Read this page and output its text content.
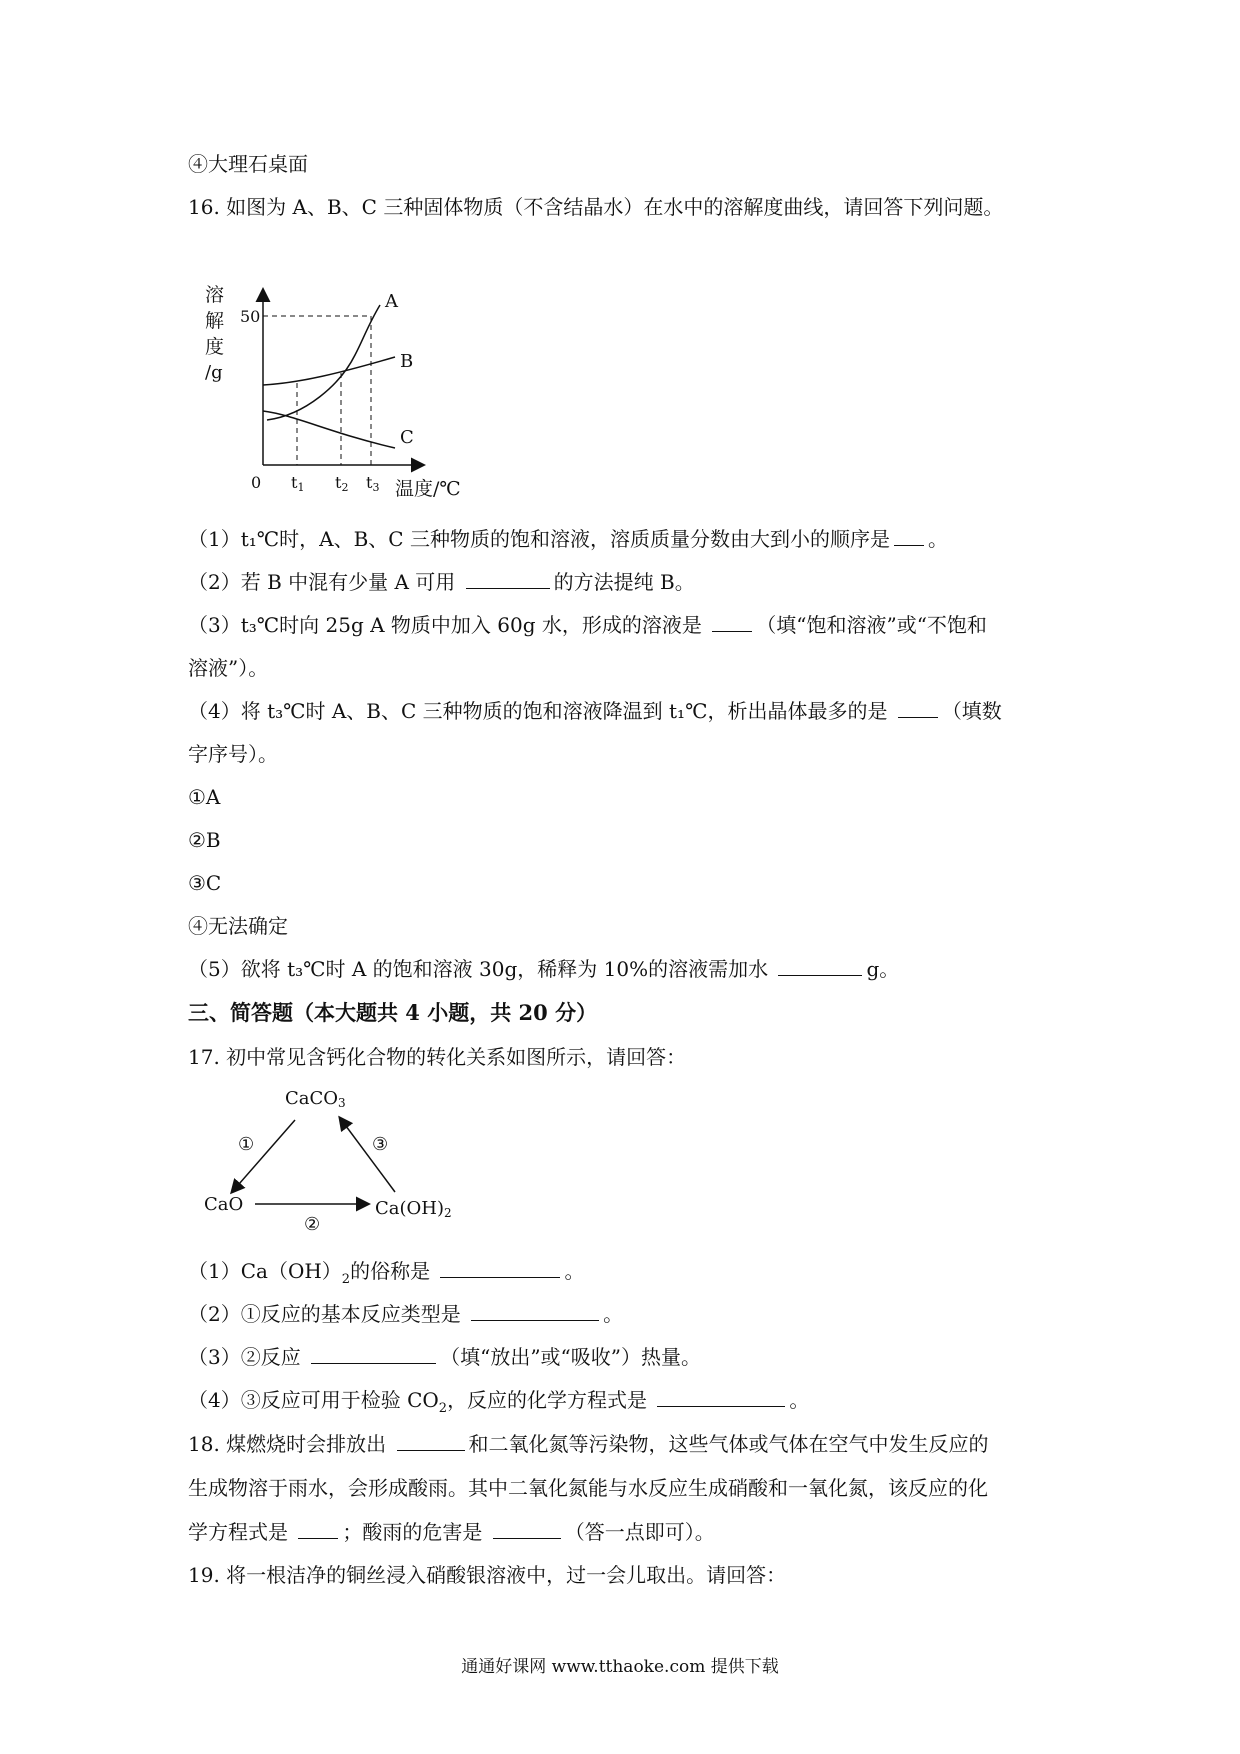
④大理石桌面
16. 如图为 A、B、C 三种固体物质（不含结晶水）在水中的溶解度曲线，请回答下列问题。
溶
解
度
/g
50
0
A
B
C
t1 t2 t3 温度/℃
（1）t₁℃时，A、B、C 三种物质的饱和溶液，溶质质量分数由大到小的顺序是 。
（2）若 B 中混有少量 A 可用	的方法提纯 B。
（3）t₃℃时向 25g A 物质中加入 60g 水，形成的溶液是 （填“饱和溶液”或“不饱和
溶液”）。
（4）将 t₃℃时 A、B、C 三种物质的饱和溶液降温到 t₁℃，析出晶体最多的是 （填数
字序号）。
①A
②B
③C
④无法确定
（5）欲将 t₃℃时 A 的饱和溶液 30g，稀释为 10%的溶液需加水	g。
三、简答题（本大题共 4 小题，共 20 分）
17. 初中常见含钙化合物的转化关系如图所示，请回答：
CaCO3
CaO	Ca(OH)2
①
②
③
$(1)Ca(OH)_2$的俗称是	。
（2）①反应的基本反应类型是	。
（3）②反应	（填“放出”或“吸收”）热量。
（4）③反应可用于检验 $CO_2$，反应的化学方程式是	。
18. 煤燃烧时会排放出	和二氧化氮等污染物，这些气体或气体在空气中发生反应的
生成物溶于雨水，会形成酸雨。其中二氧化氮能与水反应生成硝酸和一氧化氮，该反应的化
学方程式是 ；酸雨的危害是	（答一点即可）。
19. 将一根洁净的铜丝浸入硝酸银溶液中，过一会儿取出。请回答：
通通好课网 www.tthaoke.com 提供下载
